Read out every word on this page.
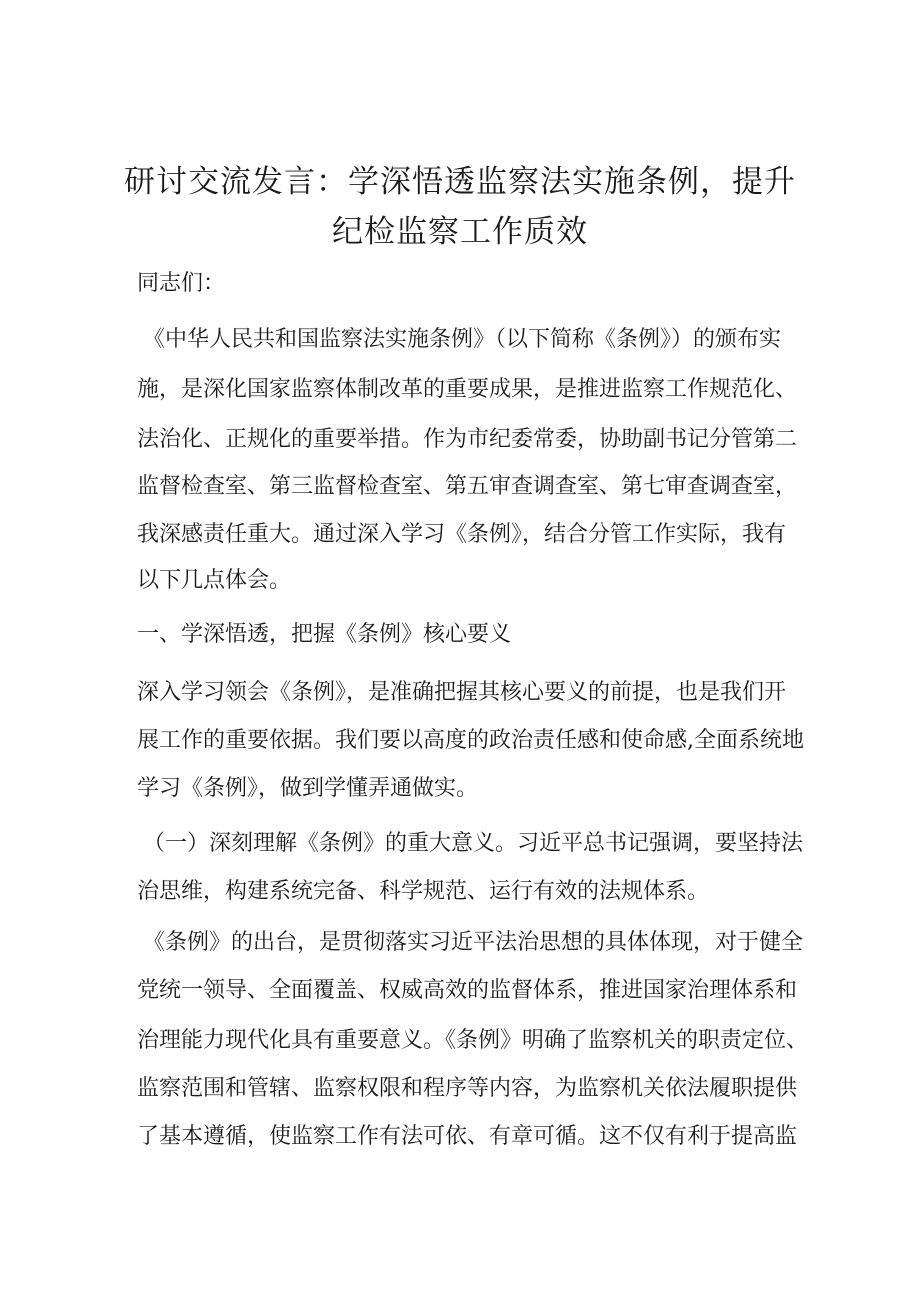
研讨交流发言：学深悟透监察法实施条例，提升
纪检监察工作质效

同志们：

《中华人民共和国监察法实施条例》（以下简称《条例》）的颁布实

施，是深化国家监察体制改革的重要成果，是推进监察工作规范化、

法治化、正规化的重要举措。作为市纪委常委，协助副书记分管第二

监督检查室、第三监督检查室、第五审查调查室、第七审查调查室，

我深感责任重大。通过深入学习《条例》，结合分管工作实际，我有

以下几点体会。

一、学深悟透，把握《条例》核心要义

深入学习领会《条例》，是准确把握其核心要义的前提，也是我们开

展工作的重要依据。我们要以高度的政治责任感和使命感,全面系统地

学习《条例》，做到学懂弄通做实。

（一）深刻理解《条例》的重大意义。习近平总书记强调，要坚持法

治思维，构建系统完备、科学规范、运行有效的法规体系。

《条例》的出台，是贯彻落实习近平法治思想的具体体现，对于健全

党统一领导、全面覆盖、权威高效的监督体系，推进国家治理体系和

治理能力现代化具有重要意义。《条例》明确了监察机关的职责定位、

监察范围和管辖、监察权限和程序等内容，为监察机关依法履职提供

了基本遵循，使监察工作有法可依、有章可循。这不仅有利于提高监
